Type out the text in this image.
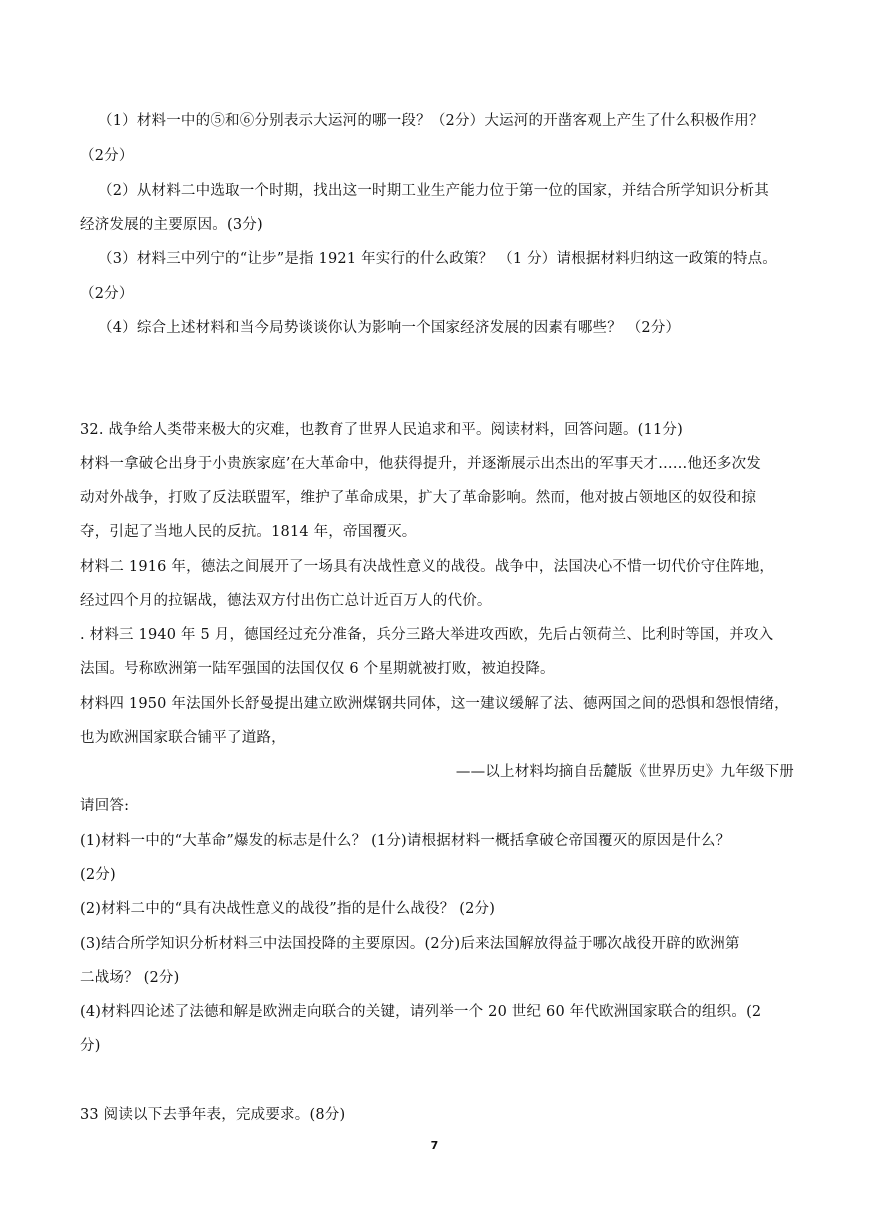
（1）材料一中的⑤和⑥分别表示大运河的哪一段？（2分）大运河的开凿客观上产生了什么积极作用？
（2分）
（2）从材料二中选取一个时期，找出这一时期工业生产能力位于第一位的国家，并结合所学知识分析其
经济发展的主要原因。(3分)
（3）材料三中列宁的“让步”是指 1921 年实行的什么政策？ （1 分）请根据材料归纳这一政策的特点。
（2分）
（4）综合上述材料和当今局势谈谈你认为影响一个国家经济发展的因素有哪些？ （2分）
32. 战争给人类带来极大的灾难，也教育了世界人民追求和平。阅读材料，回答问题。(11分)
材料一拿破仑出身于小贵族家庭’在大革命中，他获得提升，并逐渐展示出杰出的军事天才……他还多次发
动对外战争，打败了反法联盟军，维护了革命成果，扩大了革命影响。然而，他对披占领地区的奴役和掠
夺，引起了当地人民的反抗。1814 年，帝国覆灭。
材料二 1916 年，德法之间展开了一场具有决战性意义的战役。战争中，法国决心不惜一切代价守住阵地，
经过四个月的拉锯战，德法双方付出伤亡总计近百万人的代价。
. 材料三 1940 年 5 月，德国经过充分准备，兵分三路大举进攻西欧，先后占领荷兰、比利时等国，并攻入
法国。号称欧洲第一陆军强国的法国仅仅 6 个星期就被打败，被迫投降。
材料四 1950 年法国外长舒曼提出建立欧洲煤钢共同体，这一建议缓解了法、德两国之间的恐惧和怨恨情绪，
也为欧洲国家联合铺平了道路，
——以上材料均摘自岳麓版《世界历史》九年级下册
请回答:
(1)材料一中的“大革命”爆发的标志是什么？ (1分)请根据材料一概括拿破仑帝国覆灭的原因是什么？
(2分)
(2)材料二中的“具有决战性意义的战役”指的是什么战役？ (2分)
(3)结合所学知识分析材料三中法国投降的主要原因。(2分)后来法国解放得益于哪次战役开辟的欧洲第
二战场？ (2分)
(4)材料四论述了法德和解是欧洲走向联合的关键，请列举一个 20 世纪 60 年代欧洲国家联合的组织。(2
分)
33 阅读以下去爭年表，完成要求。(8分)
7
